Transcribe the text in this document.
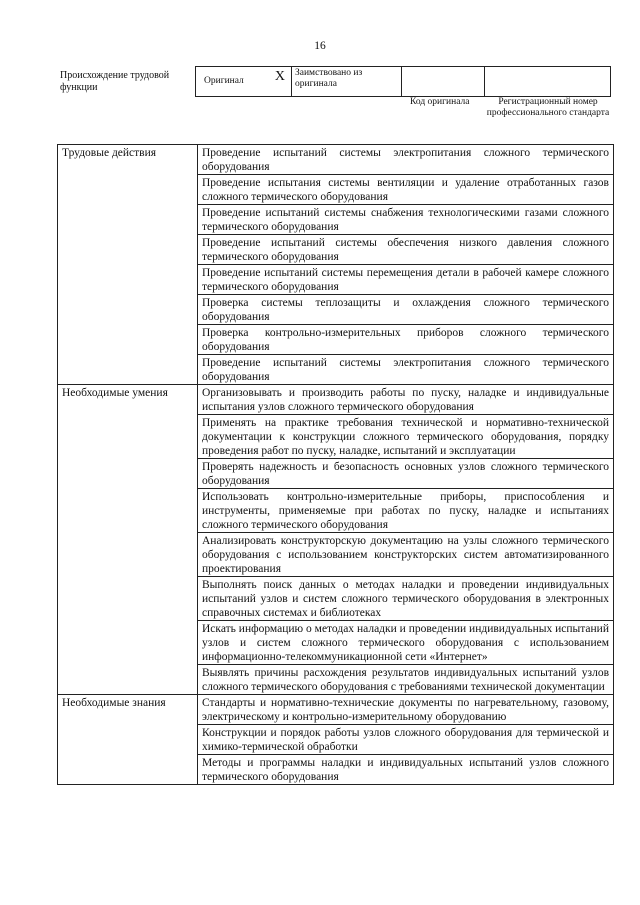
16
Происхождение трудовой функции
Оригинал X	Заимствовано из оригинала
Код оригинала	Регистрационный номер профессионального стандарта
Трудовые действия	Проведение испытаний системы электропитания сложного термического оборудования
	Проведение испытания системы вентиляции и удаление отработанных газов сложного термического оборудования
	Проведение испытаний системы снабжения технологическими газами сложного термического оборудования
	Проведение испытаний системы обеспечения низкого давления сложного термического оборудования
	Проведение испытаний системы перемещения детали в рабочей камере сложного термического оборудования
	Проверка системы теплозащиты и охлаждения сложного термического оборудования
	Проверка контрольно-измерительных приборов сложного термического оборудования
	Проведение испытаний системы электропитания сложного термического оборудования
Необходимые умения	Организовывать и производить работы по пуску, наладке и индивидуальные испытания узлов сложного термического оборудования
	Применять на практике требования технической и нормативно-технической документации к конструкции сложного термического оборудования, порядку проведения работ по пуску, наладке, испытаний и эксплуатации
	Проверять надежность и безопасность основных узлов сложного термического оборудования
	Использовать контрольно-измерительные приборы, приспособления и инструменты, применяемые при работах по пуску, наладке и испытаниях сложного термического оборудования
	Анализировать конструкторскую документацию на узлы сложного термического оборудования с использованием конструкторских систем автоматизированного проектирования
	Выполнять поиск данных о методах наладки и проведении индивидуальных испытаний узлов и систем сложного термического оборудования в электронных справочных системах и библиотеках
	Искать информацию о методах наладки и проведении индивидуальных испытаний узлов и систем сложного термического оборудования с использованием информационно-телекоммуникационной сети «Интернет»
	Выявлять причины расхождения результатов индивидуальных испытаний узлов сложного термического оборудования с требованиями технической документации
Необходимые знания	Стандарты и нормативно-технические документы по нагревательному, газовому, электрическому и контрольно-измерительному оборудованию
	Конструкции и порядок работы узлов сложного оборудования для термической и химико-термической обработки
	Методы и программы наладки и индивидуальных испытаний узлов сложного термического оборудования
